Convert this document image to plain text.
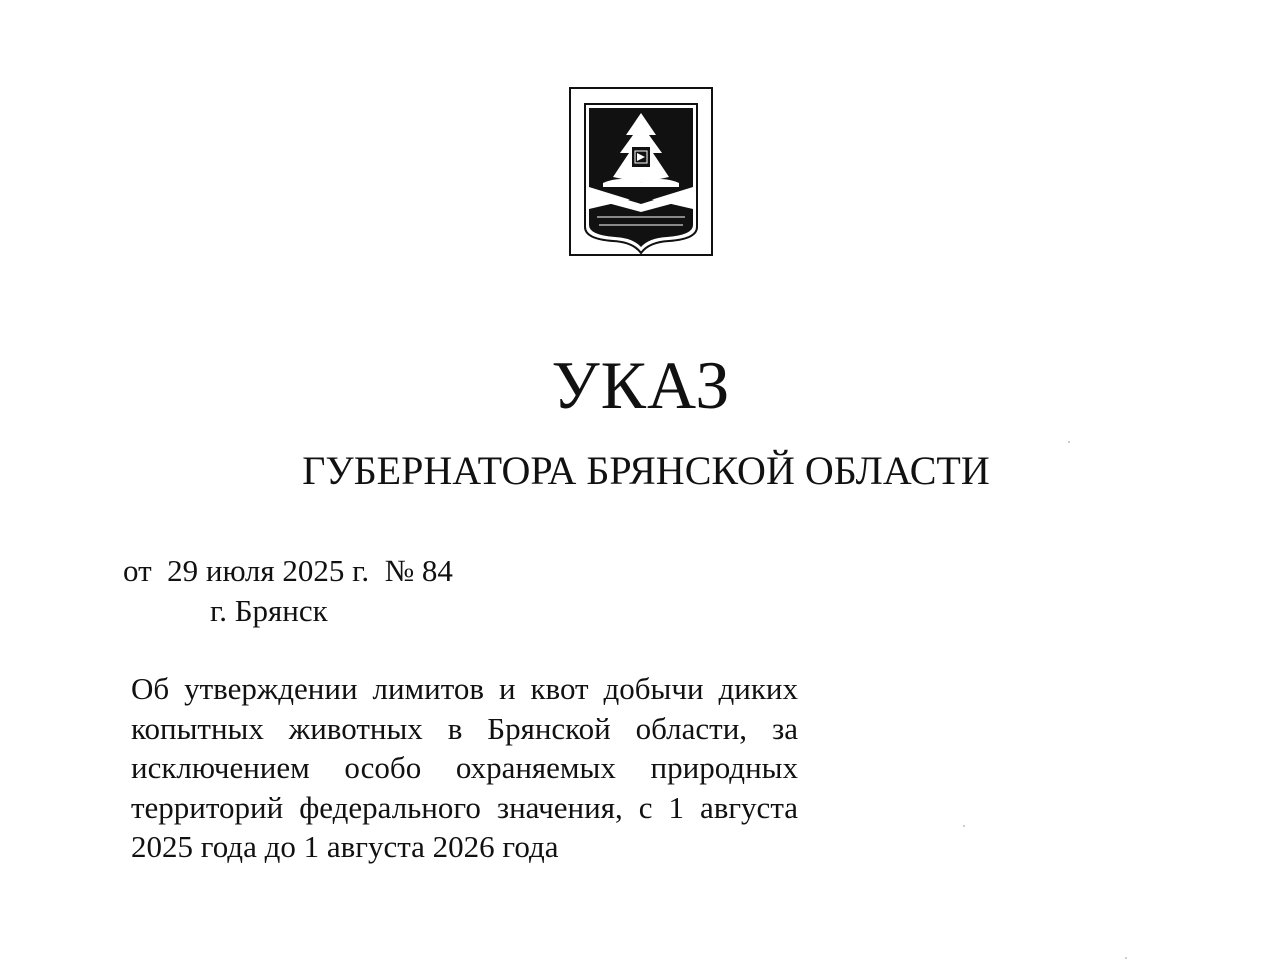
УКАЗ
ГУБЕРНАТОРА БРЯНСКОЙ ОБЛАСТИ
от 29 июля 2025 г. № 84
г. Брянск
Об утверждении лимитов и квот добычи диких копытных животных в Брянской области, за исключением особо охраняемых природных территорий федерального значения, с 1 августа 2025 года до 1 августа 2026 года
